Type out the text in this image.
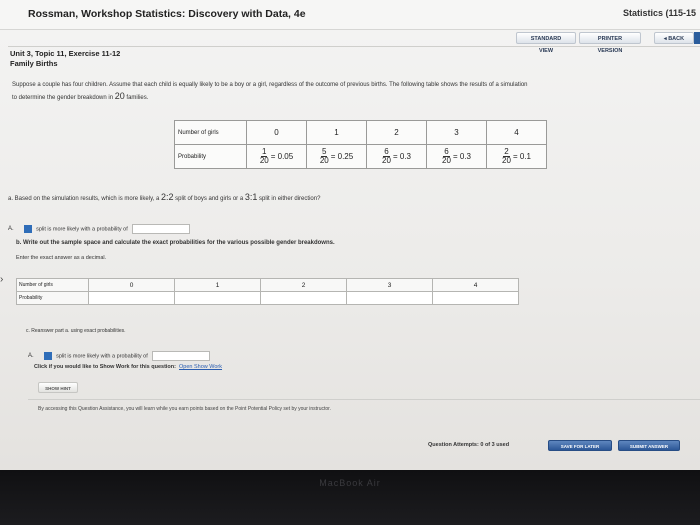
Rossman, Workshop Statistics: Discovery with Data, 4e	Statistics (115-15
STANDARD VIEW
PRINTER VERSION
◂ BACK
Unit 3, Topic 11, Exercise 11-12
Family Births
›
Suppose a couple has four children. Assume that each child is equally likely to be a boy or a girl, regardless of the outcome of previous births. The following table shows the results of a simulation
to determine the gender breakdown in 20 families.
Number of girls	0	1	2	3	4
Probability	$\frac{1}{20} = 0.05$	$\frac{5}{20} = 0.25$	$\frac{6}{20} = 0.3$	$\frac{6}{20} = 0.3$	$\frac{2}{20} = 0.1$
a. Based on the simulation results, which is more likely, a 2:2 split of boys and girls or a 3:1 split in either direction?
A.	split is more likely with a probability of
b. Write out the sample space and calculate the exact probabilities for the various possible gender breakdowns.
Enter the exact answer as a decimal.
Number of girls	0	1	2	3	4
Probability					
c. Reanswer part a. using exact probabilities.
A.	split is more likely with a probability of
Click if you would like to Show Work for this question: Open Show Work
SHOW HINT
By accessing this Question Assistance, you will learn while you earn points based on the Point Potential Policy set by your instructor.
Question Attempts: 0 of 3 used	SAVE FOR LATER	SUBMIT ANSWER
MacBook Air
